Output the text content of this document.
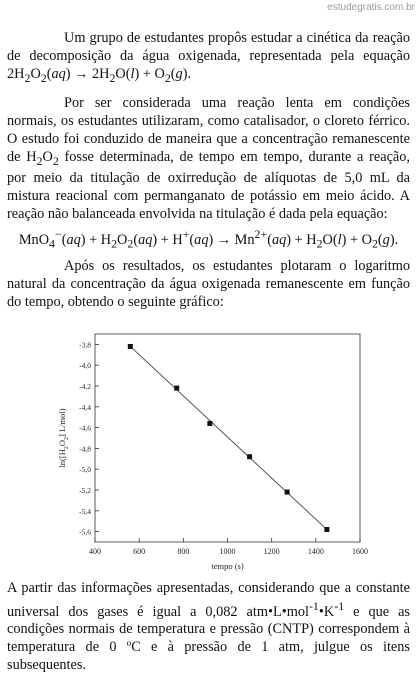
estudegratis.com.br

Um grupo de estudantes propôs estudar a cinética da reação de decomposição da água oxigenada, representada pela equação $2H_2O_2(aq) \to 2H_2O(l) + O_2(g)$.

Por ser considerada uma reação lenta em condições normais, os estudantes utilizaram, como catalisador, o cloreto férrico. O estudo foi conduzido de maneira que a concentração remanescente de $H_2O_2$ fosse determinada, de tempo em tempo, durante a reação, por meio da titulação de oxirredução de alíquotas de 5,0 mL da mistura reacional com permanganato de potássio em meio ácido. A reação não balanceada envolvida na titulação é dada pela equação:

$MnO_4^-(aq) + H_2O_2(aq) + H^+(aq) \to Mn^{2+}(aq) + H_2O(l) + O_2(g)$.

Após os resultados, os estudantes plotaram o logaritmo natural da concentração da água oxigenada remanescente em função do tempo, obtendo o seguinte gráfico:

400	600	800	1000	1200	1400	1600
-3,8
-4,0
-4,2
-4,4
-4,6
-4,8
-5,0
-5,2
-5,4
-5,6
tempo (s)
$\ln([H_2O_2]$ L/mol)

A partir das informações apresentadas, considerando que a constante universal dos gases é igual a 0,082 $atm•L•mol^{-1}•K^{-1}$ e que as condições normais de temperatura e pressão (CNTP) correspondem à temperatura de 0 ºC e à pressão de 1 atm, julgue os itens subsequentes.
